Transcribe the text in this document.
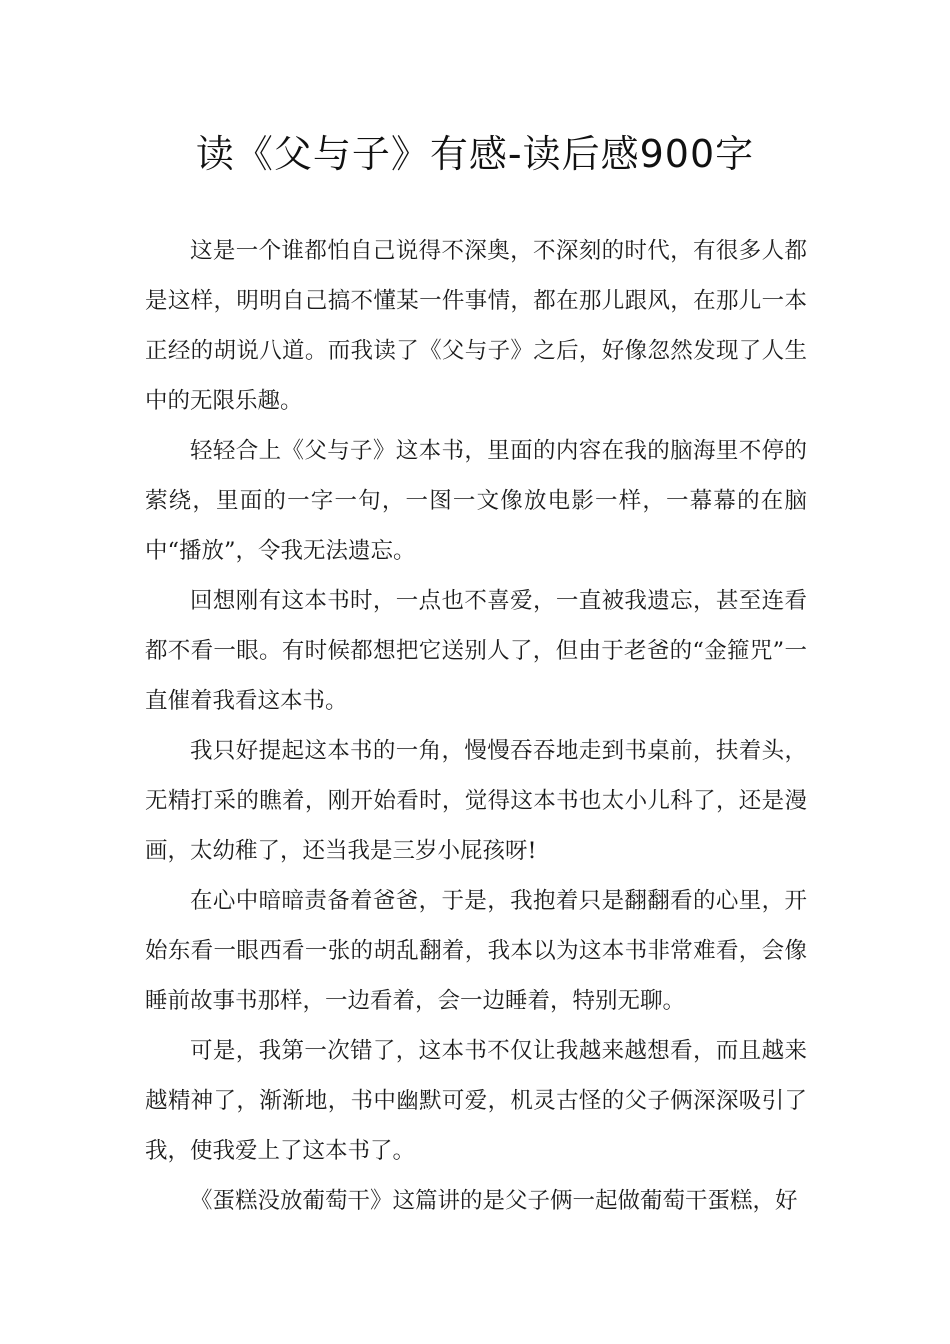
读《父与子》有感-读后感900字

这是一个谁都怕自己说得不深奥，不深刻的时代，有很多人都是这样，明明自己搞不懂某一件事情，都在那儿跟风，在那儿一本正经的胡说八道。而我读了《父与子》之后，好像忽然发现了人生中的无限乐趣。

轻轻合上《父与子》这本书，里面的内容在我的脑海里不停的萦绕，里面的一字一句，一图一文像放电影一样，一幕幕的在脑中“播放”，令我无法遗忘。

回想刚有这本书时，一点也不喜爱，一直被我遗忘，甚至连看都不看一眼。有时候都想把它送别人了，但由于老爸的“金箍咒”一直催着我看这本书。

我只好提起这本书的一角，慢慢吞吞地走到书桌前，扶着头，无精打采的瞧着，刚开始看时，觉得这本书也太小儿科了，还是漫画，太幼稚了，还当我是三岁小屁孩呀!

在心中暗暗责备着爸爸，于是，我抱着只是翻翻看的心里，开始东看一眼西看一张的胡乱翻着，我本以为这本书非常难看，会像睡前故事书那样，一边看着，会一边睡着，特别无聊。

可是，我第一次错了，这本书不仅让我越来越想看，而且越来越精神了，渐渐地，书中幽默可爱，机灵古怪的父子俩深深吸引了我，使我爱上了这本书了。

《蛋糕没放葡萄干》这篇讲的是父子俩一起做葡萄干蛋糕，好
